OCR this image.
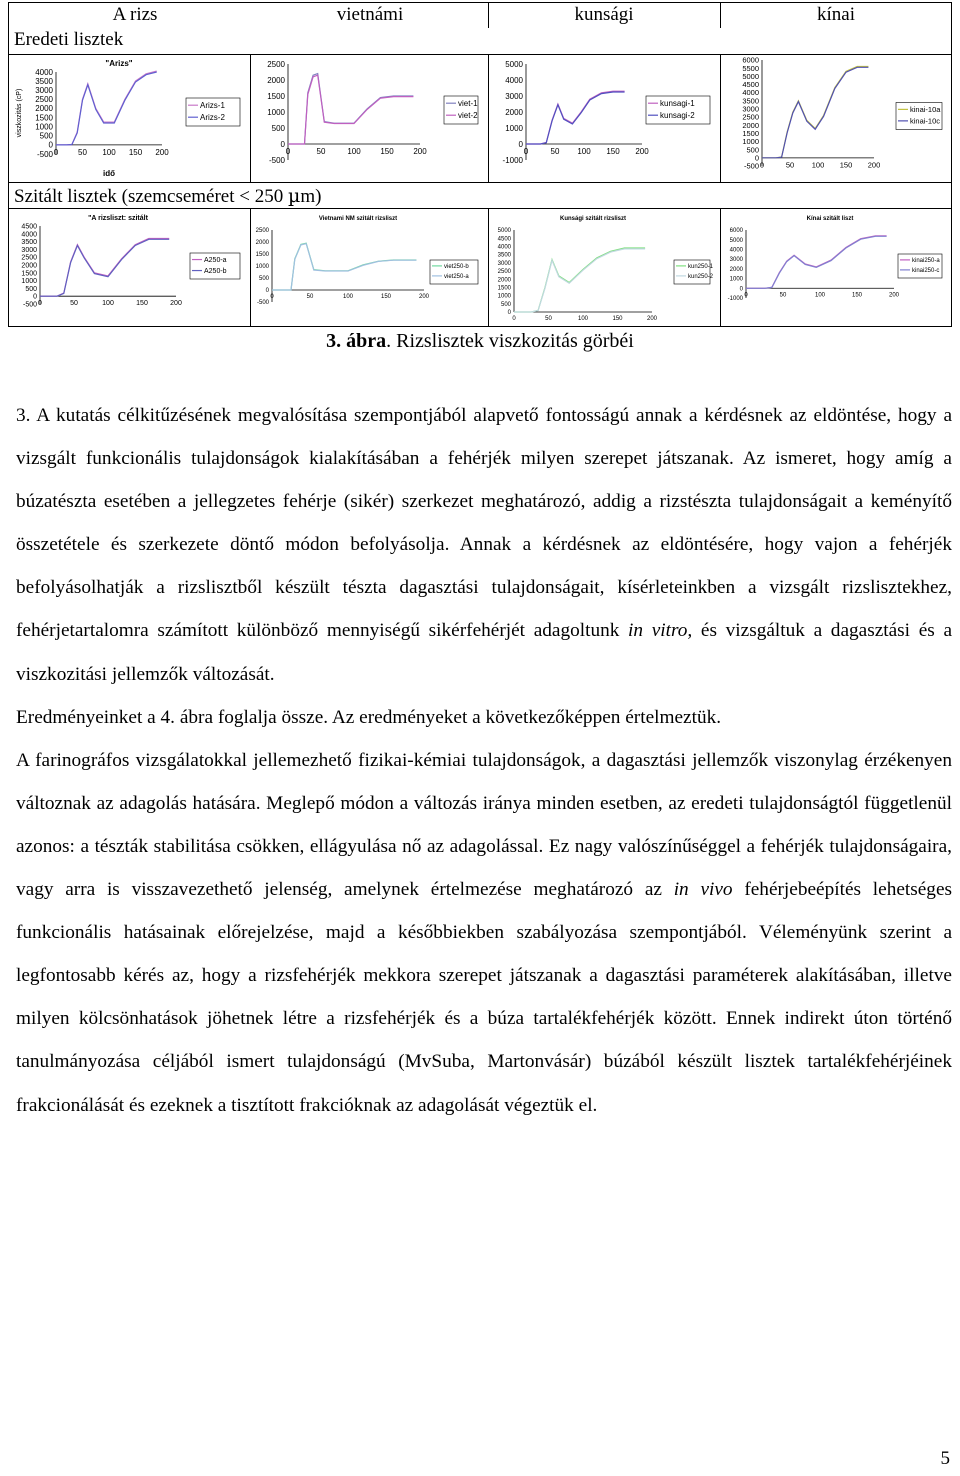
A rizs	vietnámi	kunsági	kínai
Eredeti lisztek
Szitált lisztek (szemcseméret < 250 µm)
"Arizs"
4000
3500
3000
2500
2000
1500
1000
500
0
-500 0 50 100 150 200
idő
viszkozitás (cP)	Arizs-1
Arizs-2
2500
2000
1500
1000
500
0
-500
0	50	100 150 200
viet-1
viet-2
5000
4000
3000
2000
1000
0
-1000
0	50 100 150 200
kunsagi-1
kunsagi-2
6000
5500
5000
4500
4000
3500
3000
2500
2000
1500
1000
500
0
-500 0	50 100 150 200
kinai-10a
kinai-10c
"A rizsliszt: szitált
4500
4000
3500
3000
2500
2000
1500
1000
500
0
-500 0	50	100	150	200
A250-a
A250-b
Vietnami NM szitált rizsliszt
2500
2000
1500
1000
500
0
-500
0	50	100	150	200
viet250-b
viet250-a
Kunsági szitált rizsliszt
5000
4500
4000
3500
3000
2500
2000
1500
1000
500
0
0	50	100	150	200
kun250-1
kun250-2
Kínai szitált liszt
6000
5000
4000
3000
2000
1000
0
-1000
0	50	100	150	200
kinai250-a
kinai250-c
3. ábra. Rizslisztek viszkozitás görbéi

3. A kutatás célkitűzésének megvalósítása szempontjából alapvető fontosságú annak a kérdésnek az eldöntése, hogy a vizsgált funkcionális tulajdonságok kialakításában a fehérjék milyen szerepet játszanak. Az ismeret, hogy amíg a búzatészta esetében a jellegzetes fehérje (sikér) szerkezet meghatározó, addig a rizstészta tulajdonságait a keményítő összetétele és szerkezete döntő módon befolyásolja. Annak a kérdésnek az eldöntésére, hogy vajon a fehérjék befolyásolhatják a rizslisztből készült tészta dagasztási tulajdonságait, kísérleteinkben a vizsgált rizslisztekhez, fehérjetartalomra számított különböző mennyiségű sikérfehérjét adagoltunk in vitro, és vizsgáltuk a dagasztási és a viszkozitási jellemzők változását.

Eredményeinket a 4. ábra foglalja össze. Az eredményeket a következőképpen értelmeztük.

A farinográfos vizsgálatokkal jellemezhető fizikai-kémiai tulajdonságok, a dagasztási jellemzők viszonylag érzékenyen változnak az adagolás hatására. Meglepő módon a változás iránya minden esetben, az eredeti tulajdonságtól függetlenül azonos: a tészták stabilitása csökken, ellágyulása nő az adagolással. Ez nagy valószínűséggel a fehérjék tulajdonságaira, vagy arra is visszavezethető jelenség, amelynek értelmezése meghatározó az in vivo fehérjebeépítés lehetséges funkcionális hatásainak előrejelzése, majd a későbbiekben szabályozása szempontjából. Véleményünk szerint a legfontosabb kérés az, hogy a rizsfehérjék mekkora szerepet játszanak a dagasztási paraméterek alakításában, illetve milyen kölcsönhatások jöhetnek létre a rizsfehérjék és a búza tartalékfehérjék között. Ennek indirekt úton történő tanulmányozása céljából ismert tulajdonságú (MvSuba, Martonvásár) búzából készült lisztek tartalékfehérjéinek frakcionálását és ezeknek a tisztított frakcióknak az adagolását végeztük el.

5
